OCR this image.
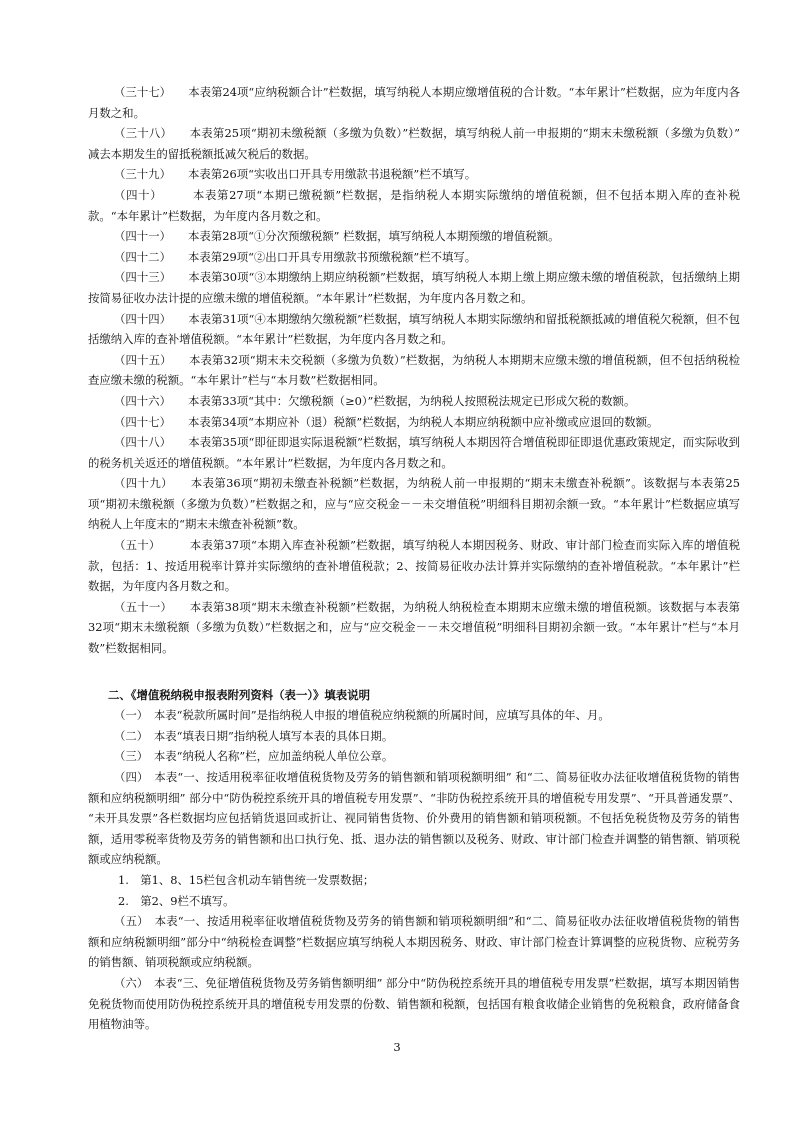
（三十七）　　本表第24项“应纳税额合计”栏数据，填写纳税人本期应缴增值税的合计数。“本年累计”栏数据，应为年度内各月数之和。

（三十八）　　本表第25项“期初未缴税额（多缴为负数）”栏数据，填写纳税人前一申报期的“期末未缴税额（多缴为负数）” 减去本期发生的留抵税额抵减欠税后的数据。

（三十九）　　本表第26项“实收出口开具专用缴款书退税额”栏不填写。

（四十）　　　本表第27项“本期已缴税额”栏数据，是指纳税人本期实际缴纳的增值税额，但不包括本期入库的查补税款。“本年累计”栏数据，为年度内各月数之和。

（四十一）　　本表第28项“①分次预缴税额” 栏数据，填写纳税人本期预缴的增值税额。

（四十二）　　本表第29项“②出口开具专用缴款书预缴税额”栏不填写。

（四十三）　　本表第30项“③本期缴纳上期应纳税额”栏数据，填写纳税人本期上缴上期应缴未缴的增值税款，包括缴纳上期按简易征收办法计提的应缴未缴的增值税额。“本年累计”栏数据，为年度内各月数之和。

（四十四）　　本表第31项“④本期缴纳欠缴税额”栏数据，填写纳税人本期实际缴纳和留抵税额抵减的增值税欠税额，但不包括缴纳入库的查补增值税额。“本年累计”栏数据，为年度内各月数之和。

（四十五）　　本表第32项“期末未交税额（多缴为负数）”栏数据，为纳税人本期期末应缴未缴的增值税额，但不包括纳税检查应缴未缴的税额。“本年累计”栏与“本月数”栏数据相同。

（四十六）　　本表第33项“其中：欠缴税额（≥0）”栏数据，为纳税人按照税法规定已形成欠税的数额。

（四十七）　　本表第34项“本期应补（退）税额”栏数据，为纳税人本期应纳税额中应补缴或应退回的数额。

（四十八）　　本表第35项“即征即退实际退税额”栏数据，填写纳税人本期因符合增值税即征即退优惠政策规定，而实际收到的税务机关返还的增值税额。“本年累计”栏数据，为年度内各月数之和。

（四十九）　　本表第36项“期初未缴查补税额”栏数据，为纳税人前一申报期的“期末未缴查补税额”。该数据与本表第25项“期初未缴税额（多缴为负数）”栏数据之和，应与“应交税金－－未交增值税”明细科目期初余额一致。“本年累计”栏数据应填写纳税人上年度末的“期末未缴查补税额”数。

（五十）　　　本表第37项“本期入库查补税额”栏数据，填写纳税人本期因税务、财政、审计部门检查而实际入库的增值税款，包括：1、按适用税率计算并实际缴纳的查补增值税款；2、按简易征收办法计算并实际缴纳的查补增值税款。“本年累计”栏数据，为年度内各月数之和。

（五十一）　　本表第38项“期末未缴查补税额”栏数据，为纳税人纳税检查本期期末应缴未缴的增值税额。该数据与本表第32项“期末未缴税额（多缴为负数）”栏数据之和，应与“应交税金－－未交增值税”明细科目期初余额一致。“本年累计”栏与“本月数”栏数据相同。

二、《增值税纳税申报表附列资料（表一）》填表说明

（一）　本表“税款所属时间”是指纳税人申报的增值税应纳税额的所属时间，应填写具体的年、月。

（二）　本表“填表日期”指纳税人填写本表的具体日期。

（三）　本表“纳税人名称”栏，应加盖纳税人单位公章。

（四）　本表“一、按适用税率征收增值税货物及劳务的销售额和销项税额明细” 和“二、简易征收办法征收增值税货物的销售额和应纳税额明细” 部分中“防伪税控系统开具的增值税专用发票”、“非防伪税控系统开具的增值税专用发票”、“开具普通发票”、 “未开具发票”各栏数据均应包括销货退回或折让、视同销售货物、价外费用的销售额和销项税额。不包括免税货物及劳务的销售额，适用零税率货物及劳务的销售额和出口执行免、抵、退办法的销售额以及税务、财政、审计部门检查并调整的销售额、销项税额或应纳税额。

1.　第1、8、15栏包含机动车销售统一发票数据；

2.　第2、9栏不填写。

（五）　本表“一、按适用税率征收增值税货物及劳务的销售额和销项税额明细”和“二、简易征收办法征收增值税货物的销售额和应纳税额明细”部分中“纳税检查调整”栏数据应填写纳税人本期因税务、财政、审计部门检查计算调整的应税货物、应税劳务的销售额、销项税额或应纳税额。

（六）　本表“三、免征增值税货物及劳务销售额明细” 部分中“防伪税控系统开具的增值税专用发票”栏数据，填写本期因销售免税货物而使用防伪税控系统开具的增值税专用发票的份数、销售额和税额，包括国有粮食收储企业销售的免税粮食，政府储备食用植物油等。

3
